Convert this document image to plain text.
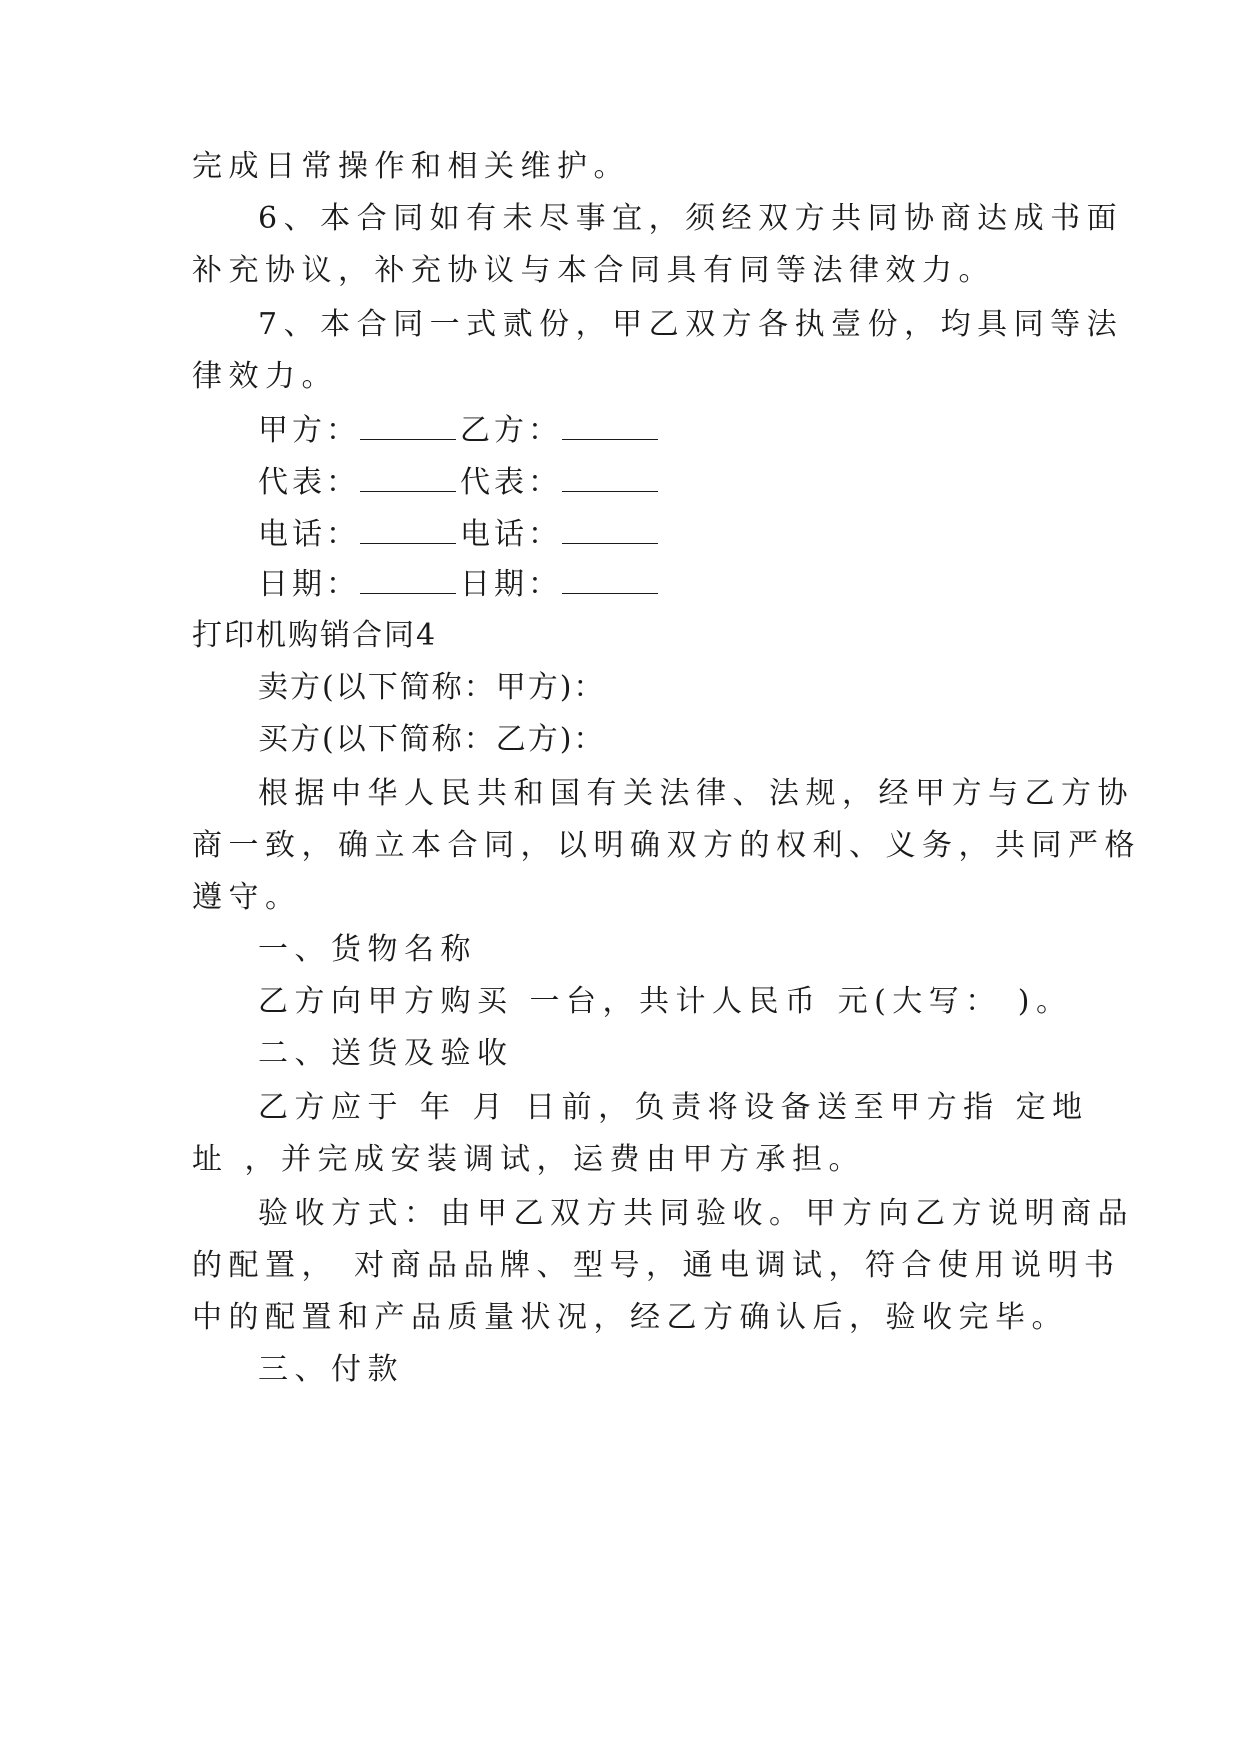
完成日常操作和相关维护。
6、本合同如有未尽事宜，须经双方共同协商达成书面
补充协议，补充协议与本合同具有同等法律效力。
7、本合同一式贰份，甲乙双方各执壹份，均具同等法
律效力。
甲方：	乙方：
代表：	代表：
电话：	电话：
日期：	日期：
打印机购销合同4
卖方(以下简称：甲方)：
买方(以下简称：乙方)：
根据中华人民共和国有关法律、法规，经甲方与乙方协
商一致，确立本合同，以明确双方的权利、义务，共同严格
遵守。
一、货物名称
乙方向甲方购买 一台，共计人民币 元(大写： )。
二、送货及验收
乙方应于 年 月 日前，负责将设备送至甲方指 定地
址 ，并完成安装调试，运费由甲方承担。
验收方式：由甲乙双方共同验收。甲方向乙方说明商品
的配置， 对商品品牌、型号，通电调试，符合使用说明书
中的配置和产品质量状况，经乙方确认后，验收完毕。
三、付款
